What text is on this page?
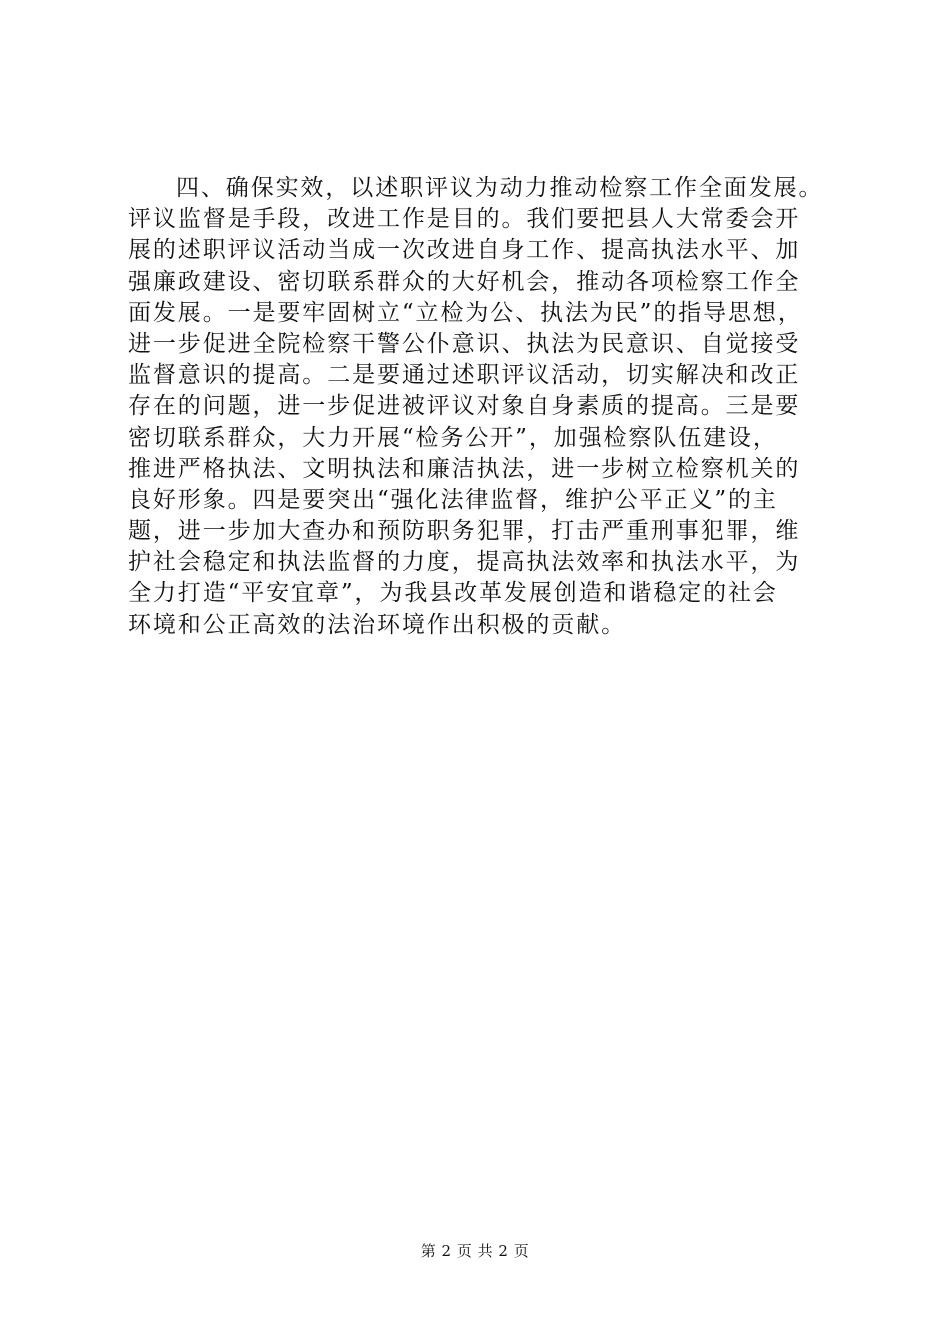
四、确保实效，以述职评议为动力推动检察工作全面发展。
评议监督是手段，改进工作是目的。我们要把县人大常委会开
展的述职评议活动当成一次改进自身工作、提高执法水平、加
强廉政建设、密切联系群众的大好机会，推动各项检察工作全
面发展。一是要牢固树立“立检为公、执法为民”的指导思想，
进一步促进全院检察干警公仆意识、执法为民意识、自觉接受
监督意识的提高。二是要通过述职评议活动，切实解决和改正
存在的问题，进一步促进被评议对象自身素质的提高。三是要
密切联系群众，大力开展“检务公开”，加强检察队伍建设，
推进严格执法、文明执法和廉洁执法，进一步树立检察机关的
良好形象。四是要突出“强化法律监督，维护公平正义”的主
题，进一步加大查办和预防职务犯罪，打击严重刑事犯罪，维
护社会稳定和执法监督的力度，提高执法效率和执法水平，为
全力打造“平安宜章”，为我县改革发展创造和谐稳定的社会
环境和公正高效的法治环境作出积极的贡献。
第 2 页 共 2 页
